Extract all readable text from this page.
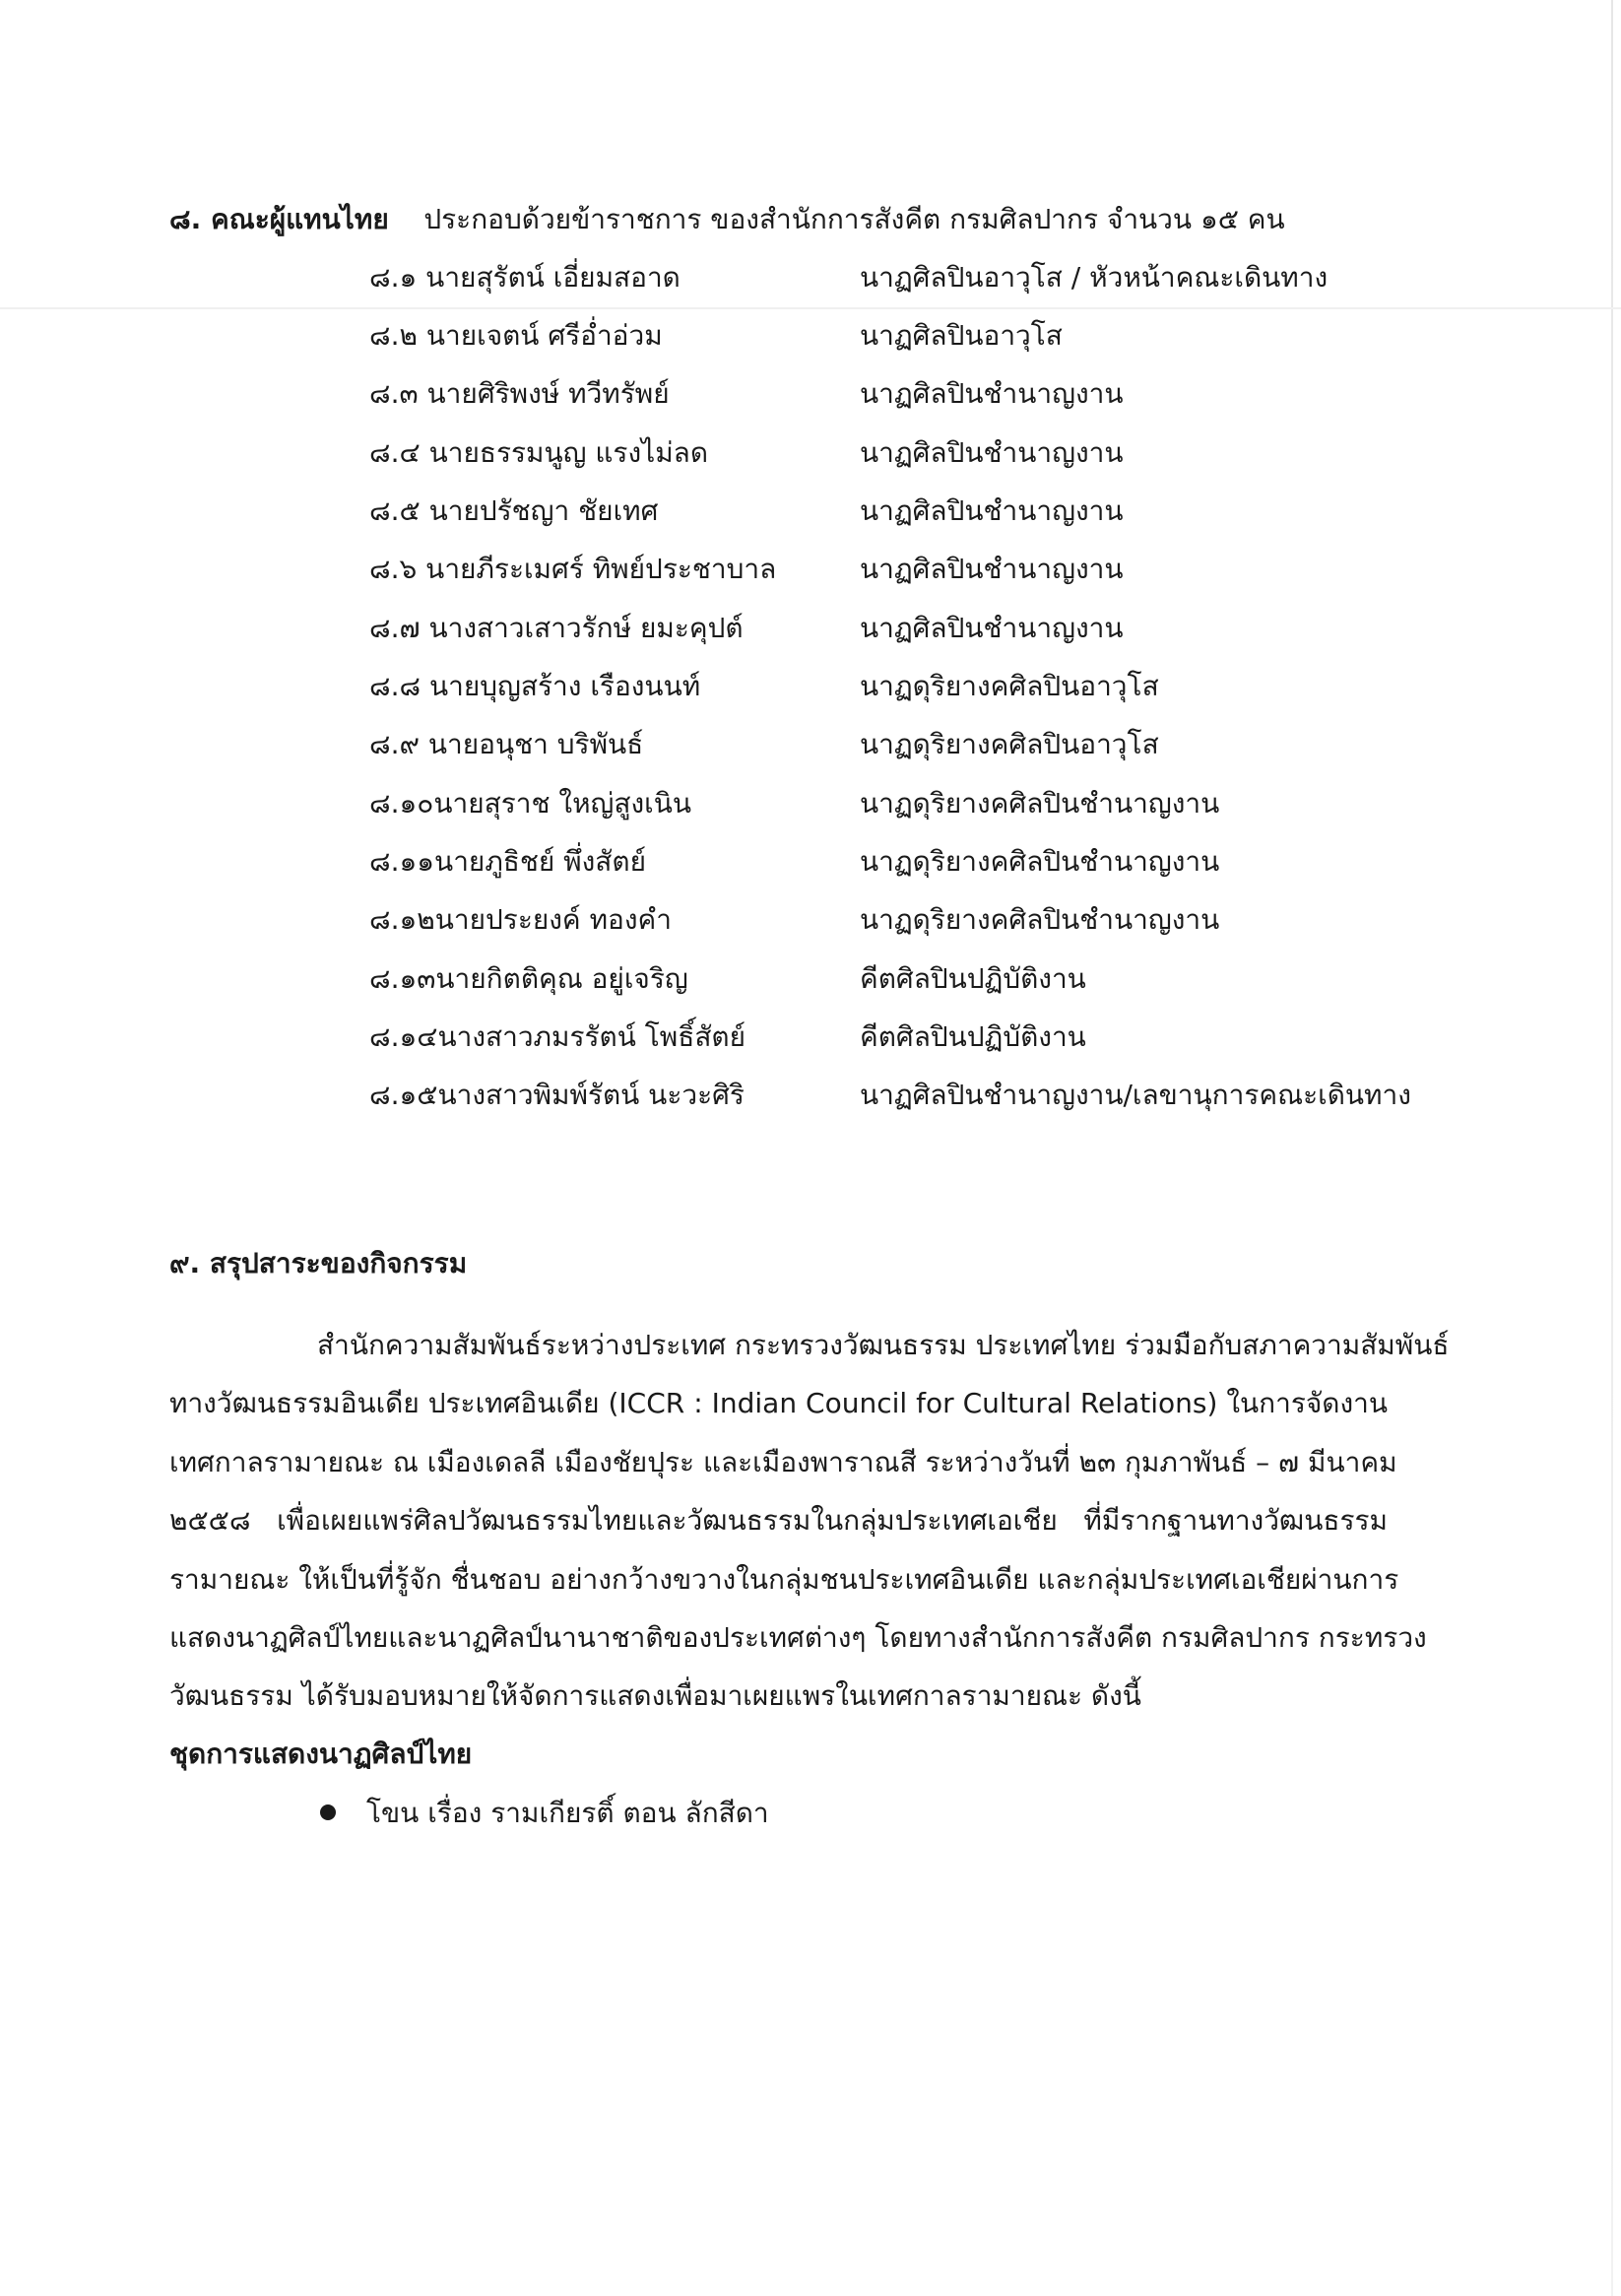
๘. คณะผู้แทนไทย ประกอบด้วยข้าราชการ ของสำนักการสังคีต กรมศิลปากร จำนวน ๑๕ คน
๘.๑ นายสุรัตน์ เอี่ยมสอาด	นาฏศิลปินอาวุโส / หัวหน้าคณะเดินทาง
๘.๒ นายเจตน์ ศรีอ่ำอ่วม	นาฏศิลปินอาวุโส
๘.๓ นายศิริพงษ์ ทวีทรัพย์	นาฏศิลปินชำนาญงาน
๘.๔ นายธรรมนูญ แรงไม่ลด	นาฏศิลปินชำนาญงาน
๘.๕ นายปรัชญา ชัยเทศ	นาฏศิลปินชำนาญงาน
๘.๖ นายภีระเมศร์ ทิพย์ประชาบาล	นาฏศิลปินชำนาญงาน
๘.๗ นางสาวเสาวรักษ์ ยมะคุปต์	นาฏศิลปินชำนาญงาน
๘.๘ นายบุญสร้าง เรืองนนท์	นาฏดุริยางคศิลปินอาวุโส
๘.๙ นายอนุชา บริพันธ์	นาฏดุริยางคศิลปินอาวุโส
๘.๑๐นายสุราช ใหญ่สูงเนิน	นาฏดุริยางคศิลปินชำนาญงาน
๘.๑๑นายภูธิชย์ พึ่งสัตย์	นาฏดุริยางคศิลปินชำนาญงาน
๘.๑๒นายประยงค์ ทองคำ	นาฏดุริยางคศิลปินชำนาญงาน
๘.๑๓นายกิตติคุณ อยู่เจริญ	คีตศิลปินปฏิบัติงาน
๘.๑๔นางสาวภมรรัตน์ โพธิ์สัตย์	คีตศิลปินปฏิบัติงาน
๘.๑๕นางสาวพิมพ์รัตน์ นะวะศิริ	นาฏศิลปินชำนาญงาน/เลขานุการคณะเดินทาง
๙. สรุปสาระของกิจกรรม
สำนักความสัมพันธ์ระหว่างประเทศ กระทรวงวัฒนธรรม ประเทศไทย ร่วมมือกับสภาความสัมพันธ์
ทางวัฒนธรรมอินเดีย ประเทศอินเดีย (ICCR : Indian Council for Cultural Relations) ในการจัดงาน
เทศกาลรามายณะ ณ เมืองเดลลี เมืองชัยปุระ และเมืองพาราณสี ระหว่างวันที่ ๒๓ กุมภาพันธ์ – ๗ มีนาคม
๒๕๕๘ เพื่อเผยแพร่ศิลปวัฒนธรรมไทยและวัฒนธรรมในกลุ่มประเทศเอเชีย ที่มีรากฐานทางวัฒนธรรม
รามายณะ ให้เป็นที่รู้จัก ชื่นชอบ อย่างกว้างขวางในกลุ่มชนประเทศอินเดีย และกลุ่มประเทศเอเชียผ่านการ
แสดงนาฏศิลป์ไทยและนาฏศิลป์นานาชาติของประเทศต่างๆ โดยทางสำนักการสังคีต กรมศิลปากร กระทรวง
วัฒนธรรม ได้รับมอบหมายให้จัดการแสดงเพื่อมาเผยแพรในเทศกาลรามายณะ ดังนี้
ชุดการแสดงนาฏศิลป์ไทย
โขน เรื่อง รามเกียรติ์ ตอน ลักสีดา
